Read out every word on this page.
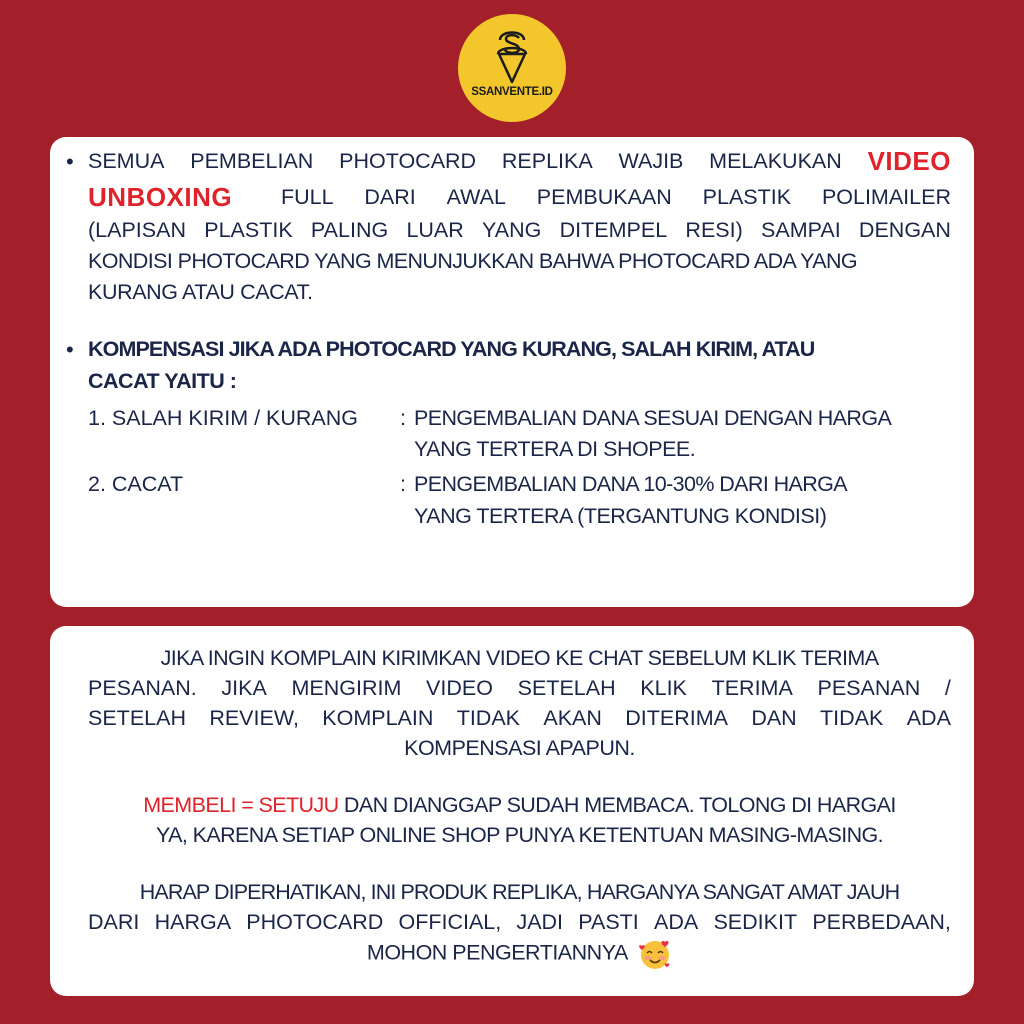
SSANVENTE.ID
• SEMUA PEMBELIAN PHOTOCARD REPLIKA WAJIB MELAKUKAN VIDEO
UNBOXING FULL DARI AWAL PEMBUKAAN PLASTIK POLIMAILER
(LAPISAN PLASTIK PALING LUAR YANG DITEMPEL RESI) SAMPAI DENGAN
KONDISI PHOTOCARD YANG MENUNJUKKAN BAHWA PHOTOCARD ADA YANG
KURANG ATAU CACAT.
• KOMPENSASI JIKA ADA PHOTOCARD YANG KURANG, SALAH KIRIM, ATAU
CACAT YAITU :
1. SALAH KIRIM / KURANG : PENGEMBALIAN DANA SESUAI DENGAN HARGA
YANG TERTERA DI SHOPEE.
2. CACAT	: PENGEMBALIAN DANA 10-30% DARI HARGA
YANG TERTERA (TERGANTUNG KONDISI)
JIKA INGIN KOMPLAIN KIRIMKAN VIDEO KE CHAT SEBELUM KLIK TERIMA
PESANAN. JIKA MENGIRIM VIDEO SETELAH KLIK TERIMA PESANAN /
SETELAH REVIEW, KOMPLAIN TIDAK AKAN DITERIMA DAN TIDAK ADA
KOMPENSASI APAPUN.
MEMBELI = SETUJU DAN DIANGGAP SUDAH MEMBACA. TOLONG DI HARGAI
YA, KARENA SETIAP ONLINE SHOP PUNYA KETENTUAN MASING-MASING.
HARAP DIPERHATIKAN, INI PRODUK REPLIKA, HARGANYA SANGAT AMAT JAUH
DARI HARGA PHOTOCARD OFFICIAL, JADI PASTI ADA SEDIKIT PERBEDAAN,
MOHON PENGERTIANNYA
